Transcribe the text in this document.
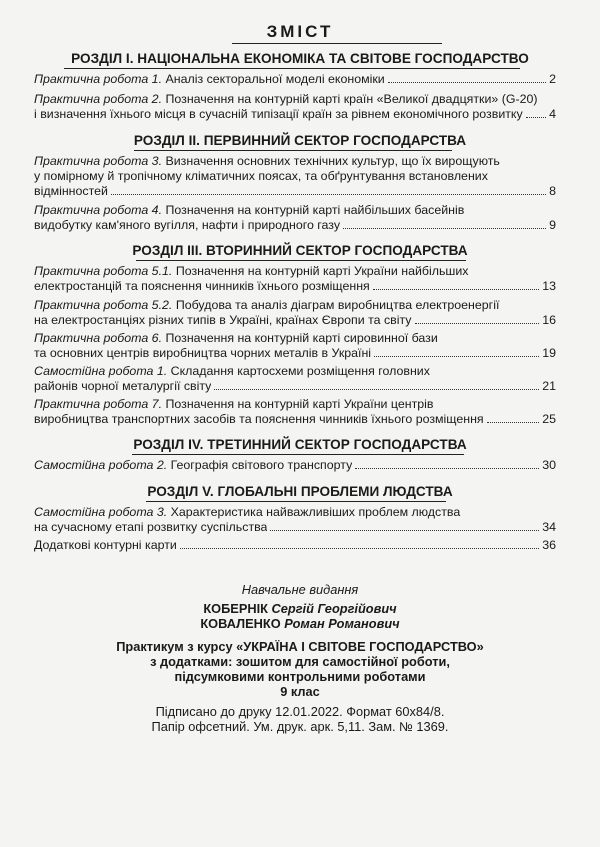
ЗМІСТ
РОЗДІЛ І. НАЦІОНАЛЬНА ЕКОНОМІКА ТА СВІТОВЕ ГОСПОДАРСТВО
Практична робота 1. Аналіз секторальної моделі економіки	2
Практична робота 2. Позначення на контурній карті країн «Великої двадцятки» (G-20)
і визначення їхнього місця в сучасній типізації країн за рівнем економічного розвитку 4
РОЗДІЛ ІІ. ПЕРВИННИЙ СЕКТОР ГОСПОДАРСТВА
Практична робота 3. Визначення основних технічних культур, що їх вирощують
у помірному й тропічному кліматичних поясах, та обґрунтування встановлених
відмінностей	8
Практична робота 4. Позначення на контурній карті найбільших басейнів
видобутку кам'яного вугілля, нафти і природного газу	9
РОЗДІЛ ІІІ. ВТОРИННИЙ СЕКТОР ГОСПОДАРСТВА
Практична робота 5.1. Позначення на контурній карті України найбільших
електростанцій та пояснення чинників їхнього розміщення	13
Практична робота 5.2. Побудова та аналіз діаграм виробництва електроенергії
на електростанціях різних типів в Україні, країнах Європи та світу	16
Практична робота 6. Позначення на контурній карті сировинної бази
та основних центрів виробництва чорних металів в Україні	19
Самостійна робота 1. Складання картосхеми розміщення головних
районів чорної металургії світу	21
Практична робота 7. Позначення на контурній карті України центрів
виробництва транспортних засобів та пояснення чинників їхнього розміщення	25
РОЗДІЛ IV. ТРЕТИННИЙ СЕКТОР ГОСПОДАРСТВА
Самостійна робота 2. Географія світового транспорту	30
РОЗДІЛ V. ГЛОБАЛЬНІ ПРОБЛЕМИ ЛЮДСТВА
Самостійна робота 3. Характеристика найважливіших проблем людства
на сучасному етапі розвитку суспільства	34
Додаткові контурні карти	36
Навчальне видання
КОБЕРНІК Сергій Георгійович
КОВАЛЕНКО Роман Романович
Практикум з курсу «УКРАЇНА І СВІТОВЕ ГОСПОДАРСТВО»
з додатками: зошитом для самостійної роботи,
підсумковими контрольними роботами
9 клас
Підписано до друку 12.01.2022. Формат 60х84/8.
Папір офсетний. Ум. друк. арк. 5,11. Зам. № 1369.
